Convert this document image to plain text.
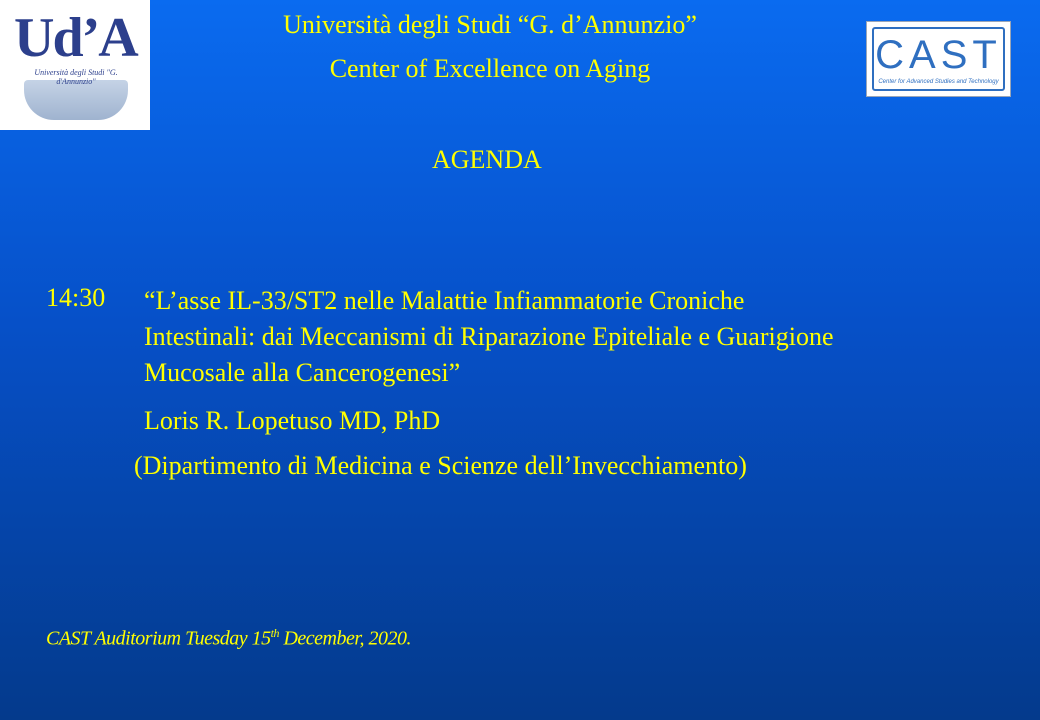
Ud’A
Università degli Studi "G. d'Annunzio"
CAST
Center for Advanced Studies and Technology
Università degli Studi “G. d’Annunzio”
Center of Excellence on Aging
AGENDA
14:30 “L’asse IL-33/ST2 nelle Malattie Infiammatorie Croniche
Intestinali: dai Meccanismi di Riparazione Epiteliale e Guarigione
Mucosale alla Cancerogenesi”
Loris R. Lopetuso MD, PhD
(Dipartimento di Medicina e Scienze dell’Invecchiamento)
CAST Auditorium Tuesday 15th December, 2020.
